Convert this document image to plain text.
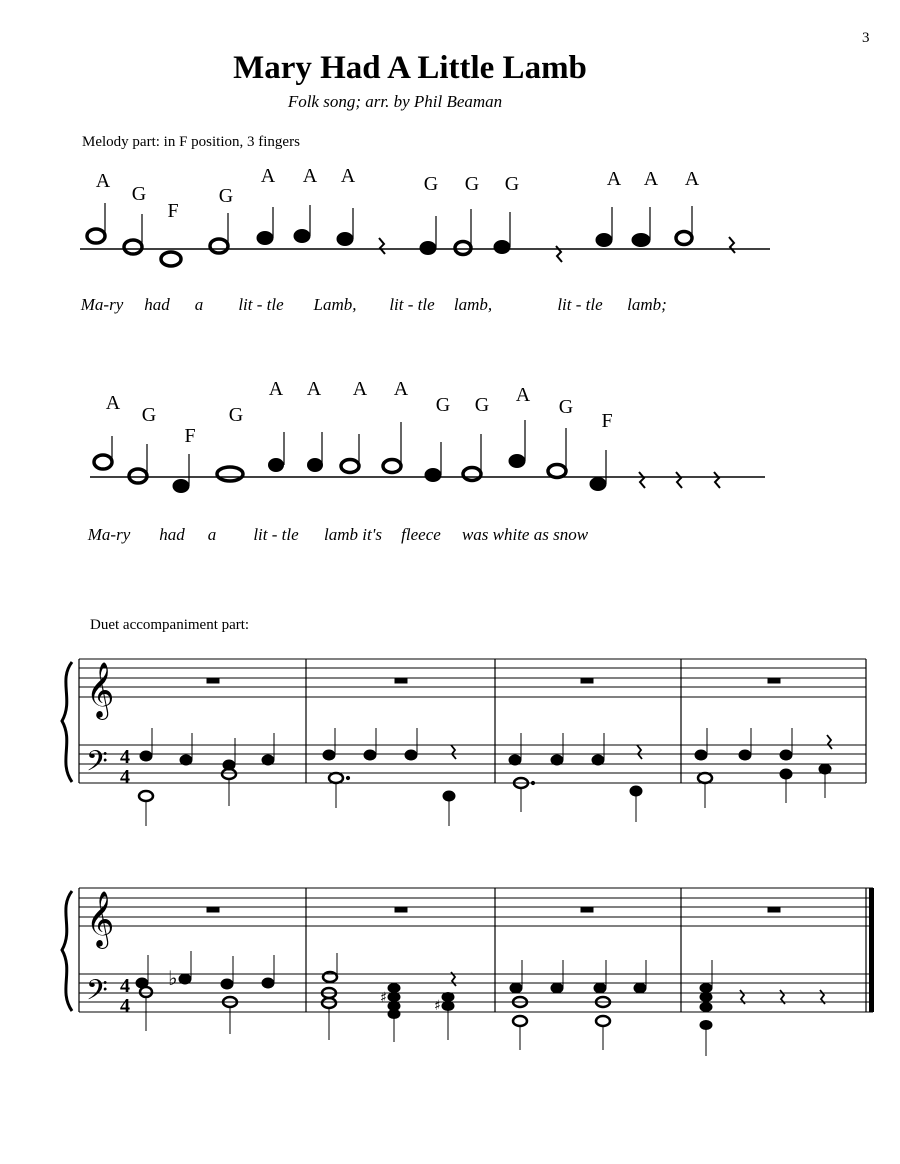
3
Mary Had A Little Lamb
Folk song; arr. by Phil Beaman
Melody part: in F position, 3 fingers
Duet accompaniment part:
A
G
F
G
A A A	G G G	A A A
Ma-ry had a lit - tle Lamb, lit - tle lamb,	lit - tle lamb;
A
G
F
G
A A A A
G G A
G
F
Ma-ry had a lit - tle lamb it's fleece was white as snow
𝄞
𝄢 4
4
𝄞
𝄢 4
4
♭
♯	♯
